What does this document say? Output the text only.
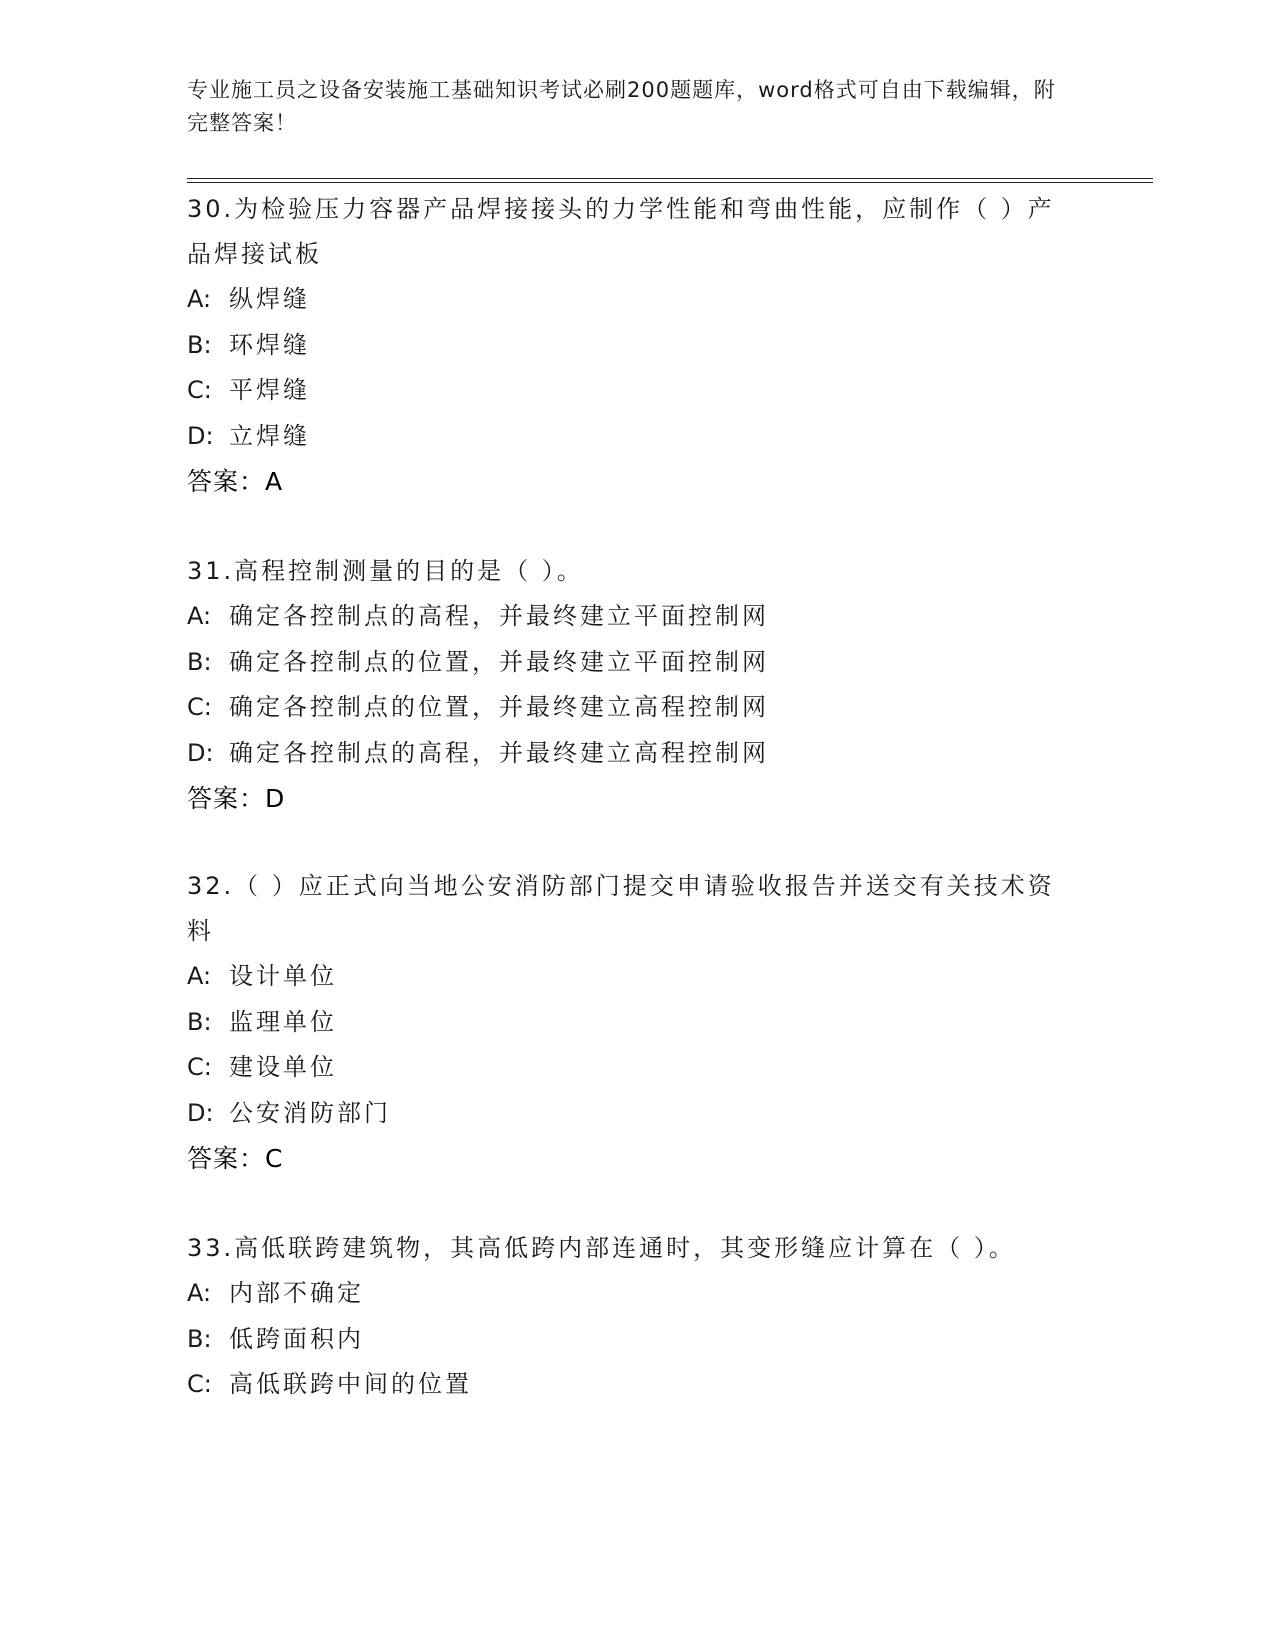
专业施工员之设备安装施工基础知识考试必刷200题题库，word格式可自由下载编辑，附完整答案！
30.为检验压力容器产品焊接接头的力学性能和弯曲性能，应制作（ ）产品焊接试板
A: 纵焊缝
B: 环焊缝
C: 平焊缝
D: 立焊缝
答案：A
31.高程控制测量的目的是（ ）。
A: 确定各控制点的高程，并最终建立平面控制网
B: 确定各控制点的位置，并最终建立平面控制网
C: 确定各控制点的位置，并最终建立高程控制网
D: 确定各控制点的高程，并最终建立高程控制网
答案：D
32.（ ）应正式向当地公安消防部门提交申请验收报告并送交有关技术资料
A: 设计单位
B: 监理单位
C: 建设单位
D: 公安消防部门
答案：C
33.高低联跨建筑物，其高低跨内部连通时，其变形缝应计算在（ ）。
A: 内部不确定
B: 低跨面积内
C: 高低联跨中间的位置
